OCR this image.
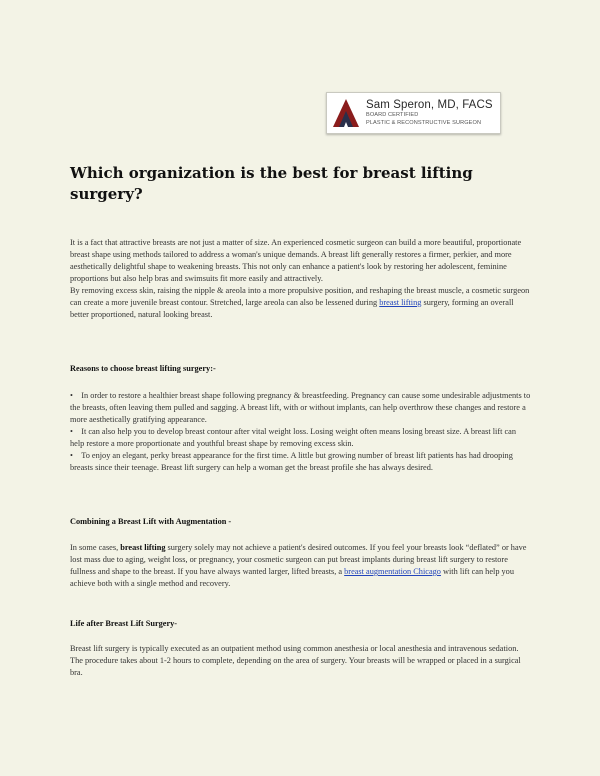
Sam Speron, MD, FACS
BOARD CERTIFIED
PLASTIC & RECONSTRUCTIVE SURGEON
Which organization is the best for breast lifting surgery?

It is a fact that attractive breasts are not just a matter of size. An experienced cosmetic surgeon can build a more beautiful, proportionate breast shape using methods tailored to address a woman's unique demands. A breast lift generally restores a firmer, perkier, and more aesthetically delightful shape to weakening breasts. This not only can enhance a patient's look by restoring her adolescent, feminine proportions but also help bras and swimsuits fit more easily and attractively.

By removing excess skin, raising the nipple & areola into a more propulsive position, and reshaping the breast muscle, a cosmetic surgeon can create a more juvenile breast contour. Stretched, large areola can also be lessened during breast lifting surgery, forming an overall better proportioned, natural looking breast.

Reasons to choose breast lifting surgery:-

•    In order to restore a healthier breast shape following pregnancy & breastfeeding. Pregnancy can cause some undesirable adjustments to the breasts, often leaving them pulled and sagging. A breast lift, with or without implants, can help overthrow these changes and restore a more aesthetically gratifying appearance.

•    It can also help you to develop breast contour after vital weight loss. Losing weight often means losing breast size. A breast lift can help restore a more proportionate and youthful breast shape by removing excess skin.

•    To enjoy an elegant, perky breast appearance for the first time. A little but growing number of breast lift patients has had drooping breasts since their teenage. Breast lift surgery can help a woman get the breast profile she has always desired.

Combining a Breast Lift with Augmentation -

In some cases, breast lifting surgery solely may not achieve a patient's desired outcomes. If you feel your breasts look “deflated” or have lost mass due to aging, weight loss, or pregnancy, your cosmetic surgeon can put breast implants during breast lift surgery to restore fullness and shape to the breast. If you have always wanted larger, lifted breasts, a breast augmentation Chicago with lift can help you achieve both with a single method and recovery.

Life after Breast Lift Surgery-

Breast lift surgery is typically executed as an outpatient method using common anesthesia or local anesthesia and intravenous sedation. The procedure takes about 1-2 hours to complete, depending on the area of surgery. Your breasts will be wrapped or placed in a surgical bra.
